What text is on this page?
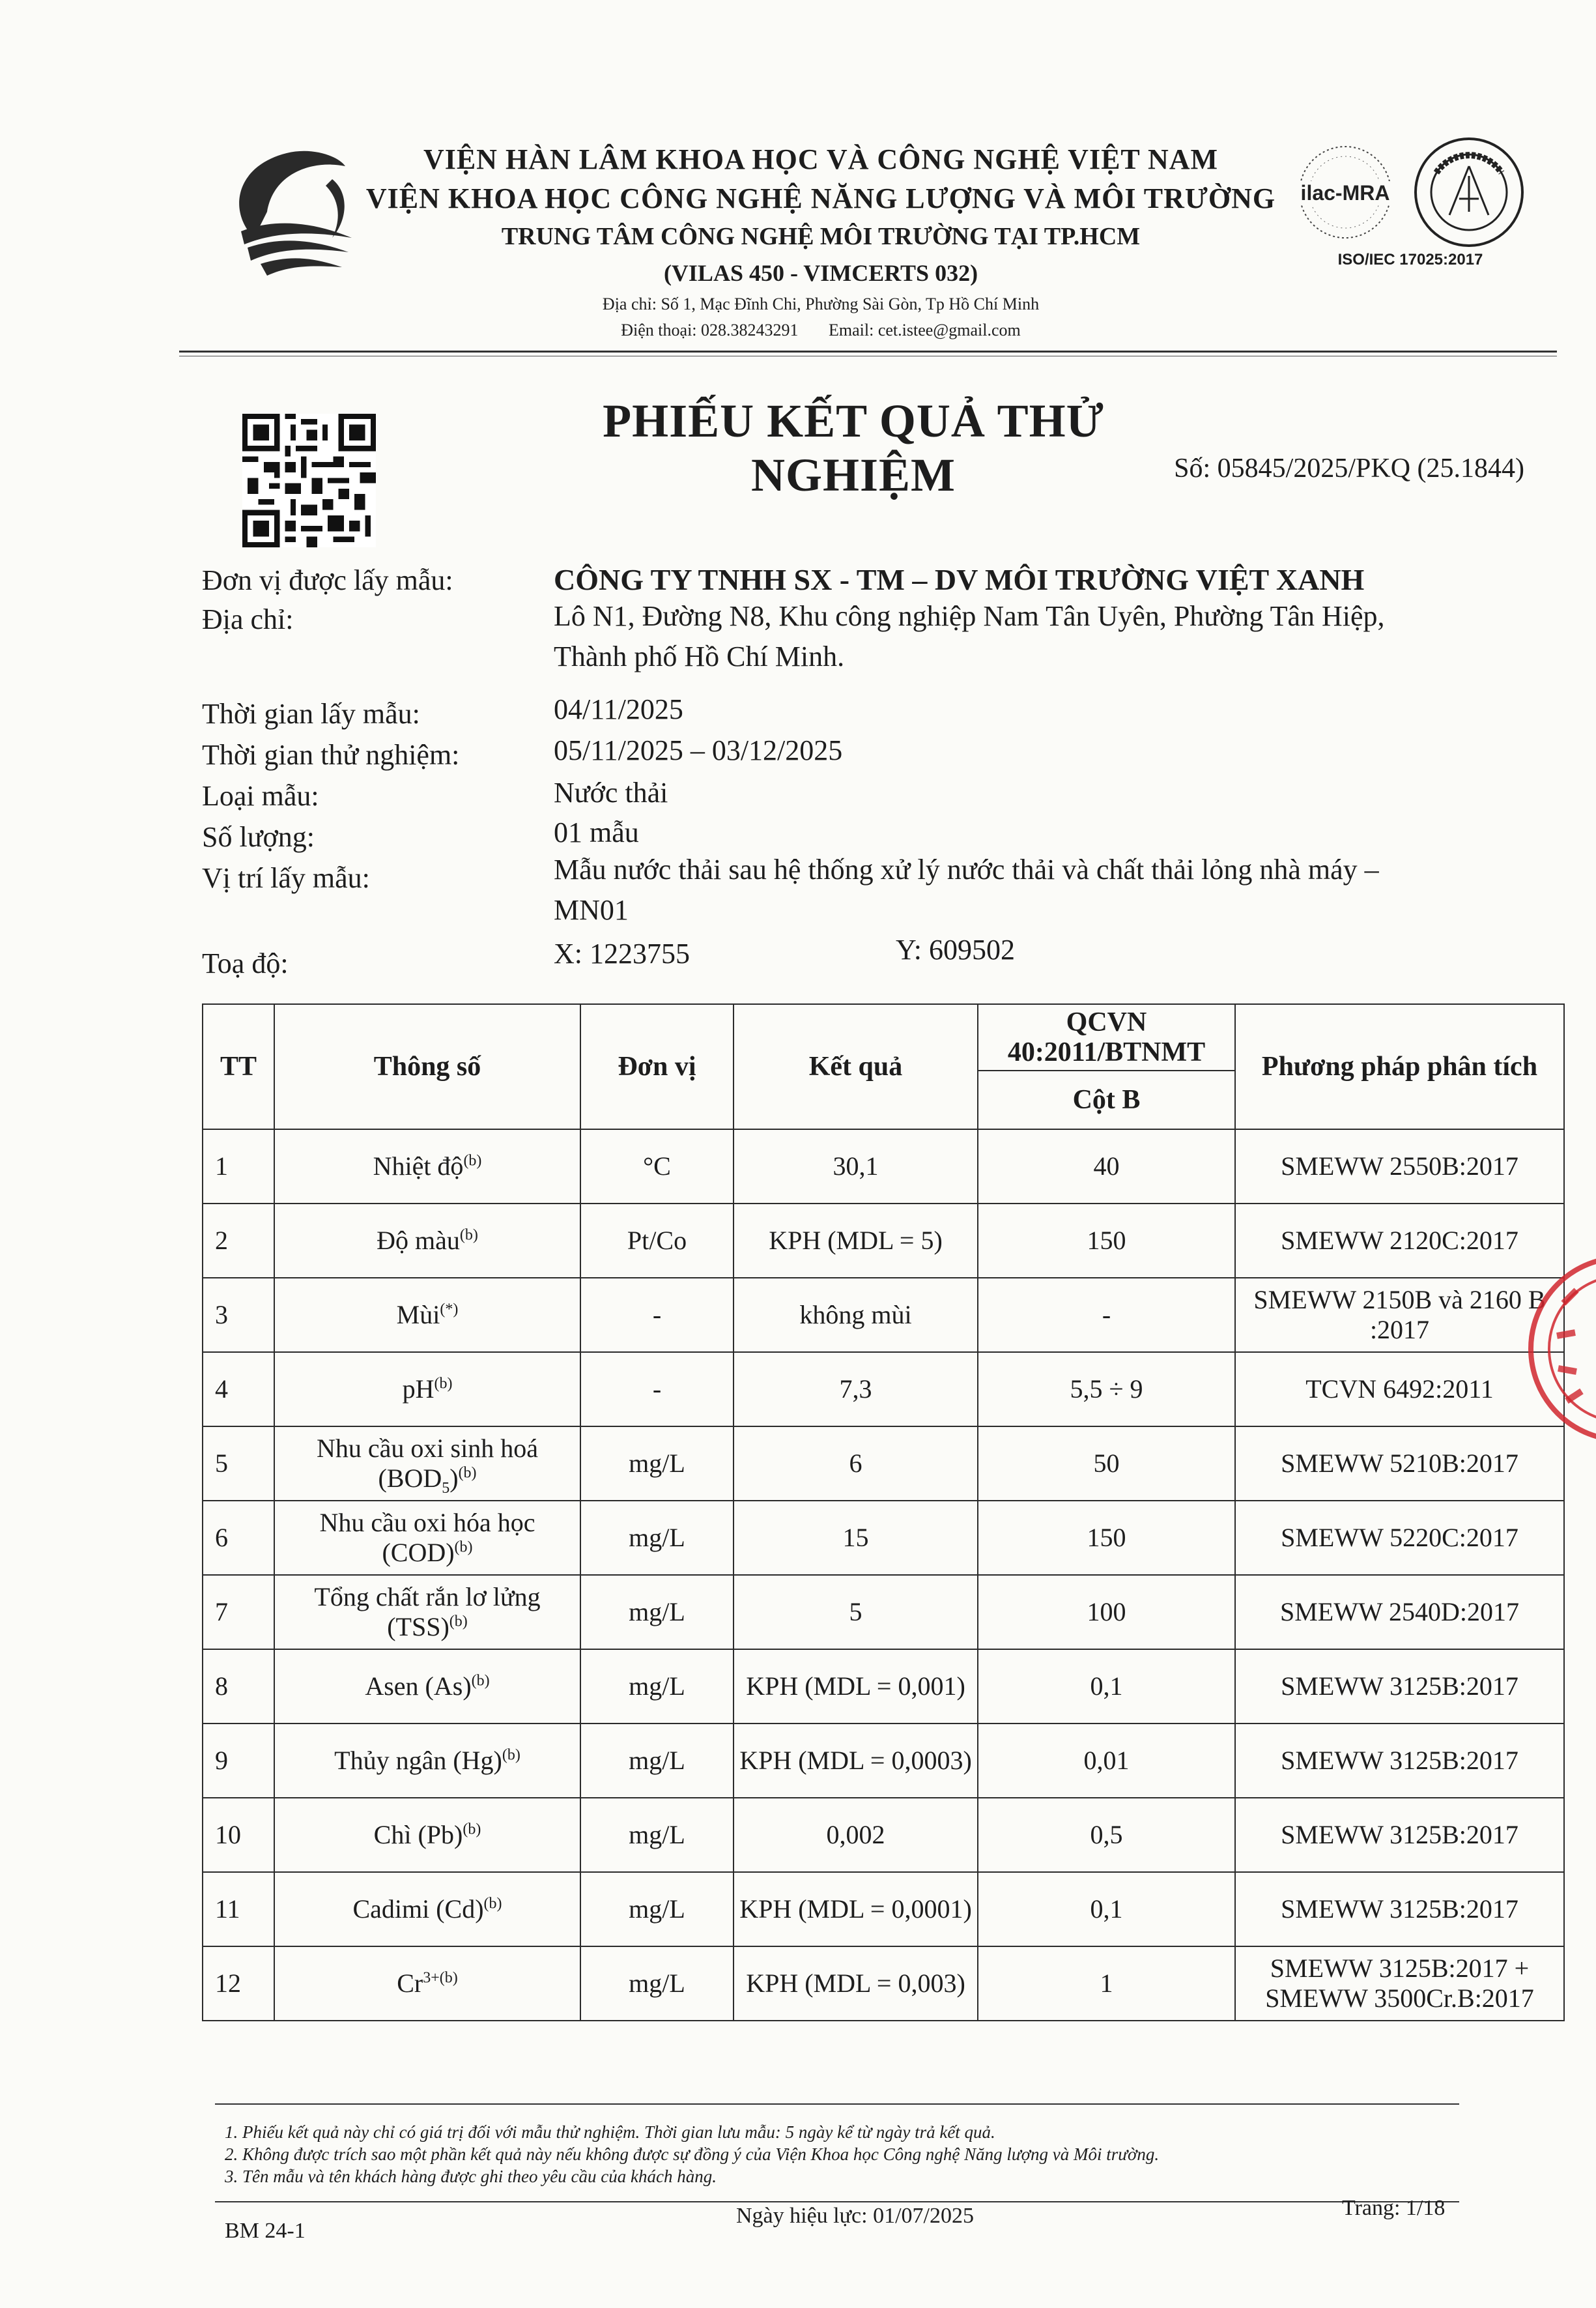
VIỆN HÀN LÂM KHOA HỌC VÀ CÔNG NGHỆ VIỆT NAM
VIỆN KHOA HỌC CÔNG NGHỆ NĂNG LƯỢNG VÀ MÔI TRƯỜNG
TRUNG TÂM CÔNG NGHỆ MÔI TRƯỜNG TẠI TP.HCM
(VILAS 450 - VIMCERTS 032)
Địa chỉ: Số 1, Mạc Đĩnh Chi, Phường Sài Gòn, Tp Hồ Chí Minh
Điện thoại: 028.38243291 Email: cet.istee@gmail.com
ilac-MRA
ISO/IEC 17025:2017
PHIẾU KẾT QUẢ THỬ NGHIỆM	Số: 05845/2025/PKQ (25.1844)
Đơn vị được lấy mẫu:	CÔNG TY TNHH SX - TM – DV MÔI TRƯỜNG VIỆT XANH
Địa chỉ:	Lô N1, Đường N8, Khu công nghiệp Nam Tân Uyên, Phường Tân Hiệp,
Thành phố Hồ Chí Minh.
Thời gian lấy mẫu:	04/11/2025
Thời gian thử nghiệm:	05/11/2025 – 03/12/2025
Loại mẫu:	Nước thải
Số lượng:	01 mẫu
Vị trí lấy mẫu:	Mẫu nước thải sau hệ thống xử lý nước thải và chất thải lỏng nhà máy –
MN01
Toạ độ:	X: 1223755	Y: 609502
TT	Thông số	Đơn vị	Kết quả	QCVN 40:2011/BTNMT	Phương pháp phân tích
				Cột B	
1	Nhiệt độ$^{(b)}$	°C	30,1	40	SMEWW 2550B:2017
2	Độ màu$^{(b)}$	Pt/Co	KPH (MDL = 5)	150	SMEWW 2120C:2017
3	Mùi(*)	-	không mùi	-	SMEWW 2150B và 2160 B :2017
4	$pH^{(b)}$	-	7,3	5,5 ÷ 9	TCVN 6492:2011
5	Nhu cầu oxi sinh hoá $(BOD_5)^{(b)}$	mg/L	6	50	SMEWW 5210B:2017
6	Nhu cầu oxi hóa học (COD)$^{(b)}$	mg/L	15	150	SMEWW 5220C:2017
7	Tổng chất rắn lơ lửng (TSS)$^{(b)}$	mg/L	5	100	SMEWW 2540D:2017
8	Asen $(As)^{(b)}$	mg/L	KPH (MDL = 0,001)	0,1	SMEWW 3125B:2017
9	Thủy ngân $(Hg)^{(b)}$	mg/L	KPH (MDL = 0,0003)	0,01	SMEWW 3125B:2017
10	Chì $(Pb)^{(b)}$	mg/L	0,002	0,5	SMEWW 3125B:2017
11	Cadimi $(Cd)^{(b)}$	mg/L	KPH (MDL = 0,0001)	0,1	SMEWW 3125B:2017
12	$Cr^{3+(b)}$	mg/L	KPH (MDL = 0,003)	1	SMEWW 3125B:2017 + SMEWW 3500Cr.B:2017
1. Phiếu kết quả này chỉ có giá trị đối với mẫu thử nghiệm. Thời gian lưu mẫu: 5 ngày kể từ ngày trả kết quả.
2. Không được trích sao một phần kết quả này nếu không được sự đồng ý của Viện Khoa học Công nghệ Năng lượng và Môi trường.
3. Tên mẫu và tên khách hàng được ghi theo yêu cầu của khách hàng.
BM 24-1
Ngày hiệu lực: 01/07/2025	Trang: 1/18
